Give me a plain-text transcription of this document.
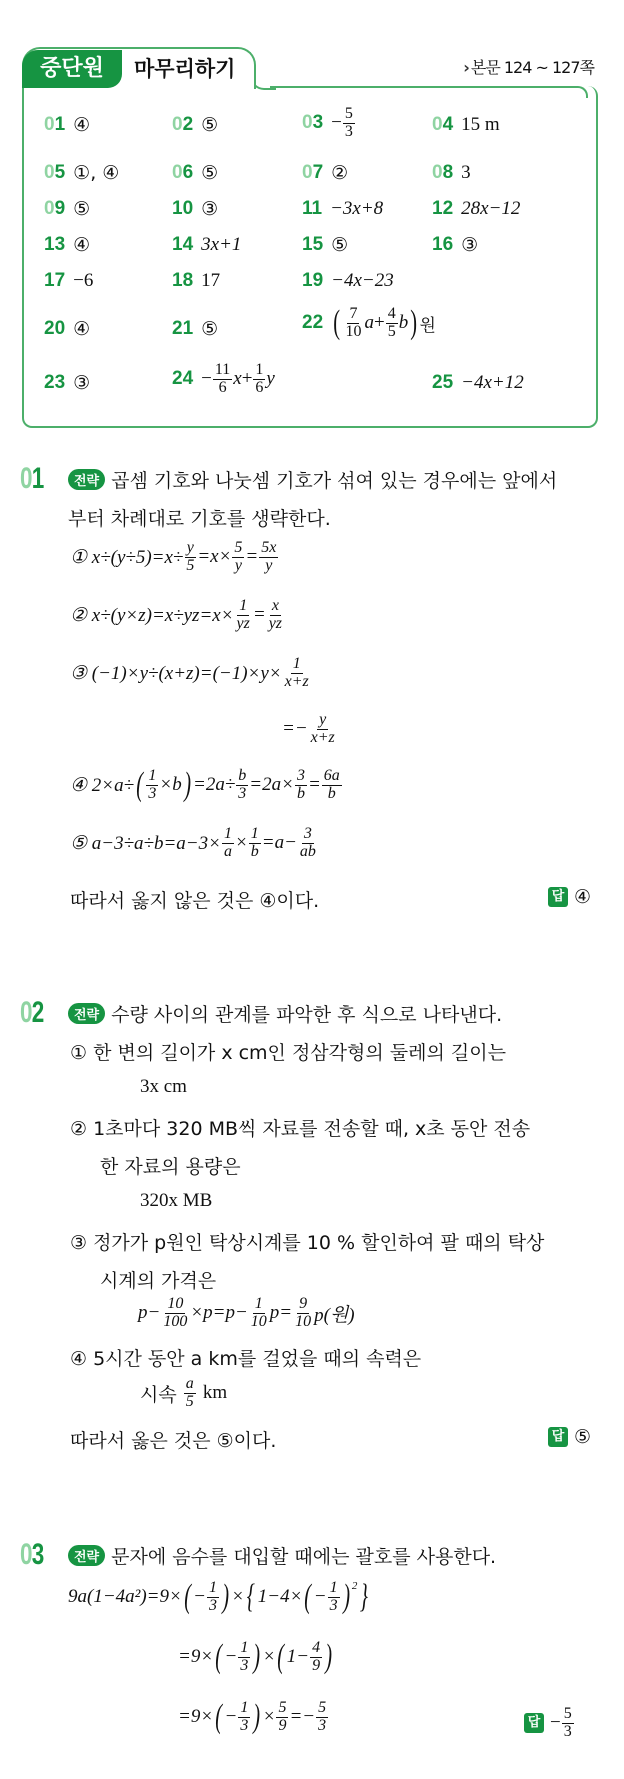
중단원	마무리하기	› 본문 124 ~ 127쪽
01 ④	02 ⑤	$03 - \frac{5}{3}$	04 15 m
05 ①, ④	06 ⑤	07 ②	08 3
09 ⑤	10 ③	11 −3x+8	12 28x−12
13 ④	14 3x+1	15 ⑤	16 ③
17 −6	18 17	19 −4x−23
20 ④	21 ⑤	22 ( $\frac{7}{10}$ $a + \frac{4}{5}$ b ) 원
23 ③	$24 - \frac{11}{6}$ $x + \frac{1}{6}$ y	25 −4x+12
01	전략 곱셈 기호와 나눗셈 기호가 섞여 있는 경우에는 앞에서
부터 차례대로 기호를 생략한다.
① $x\div(y\div 5)=x\div \frac{y}{5} =x\times \frac{5}{y} = \frac{5x}{y}$
② $x\div(y\times z)=x\div yz=x\times \frac{1}{yz} = \frac{x}{yz}$
③ $(-1)\times y\div(x+z)=(-1)\times y\times \frac{1}{x+z}$
=− $\frac{y}{x+z}$
④ 2×a÷ ( $\frac{1}{3} \times b$ ) $=2a\div \frac{b}{3} =2a\times \frac{3}{b} = \frac{6a}{b}$
⑤ $a-3\div a\div b=a-3\times \frac{1}{a} \times \frac{1}{b} =a- \frac{3}{ab}$
따라서 옳지 않은 것은 ④이다.	답 ④
02	전략 수량 사이의 관계를 파악한 후 식으로 나타낸다.
① 한 변의 길이가 x cm인 정삼각형의 둘레의 길이는
3x cm
② 1초마다 320 MB씩 자료를 전송할 때, x초 동안 전송
한 자료의 용량은
320x MB
③ 정가가 p원인 탁상시계를 10 % 할인하여 팔 때의 탁상
시계의 가격은
$p- \frac{10}{100} \times p=p- \frac{1}{10} p= \frac{9}{10} p$(원)
④ 5시간 동안 a km를 걸었을 때의 속력은
시속
$\frac{a}{5}$
km
따라서 옳은 것은 ⑤이다.	답 ⑤
03	전략 문자에 음수를 대입할 때에는 괄호를 사용한다.
9a(1−4a²)=9× ( − $\frac{1}{3}$ ) × { 1−4× ( − $\frac{1}{3} )^2$ }
=9× ( − $\frac{1}{3}$ ) × ( $1- \frac{4}{9}$ )
=9× ( − $\frac{1}{3}$ ) × $\frac{5}{9} =- \frac{5}{3}$	답 − $\frac{5}{3}$
